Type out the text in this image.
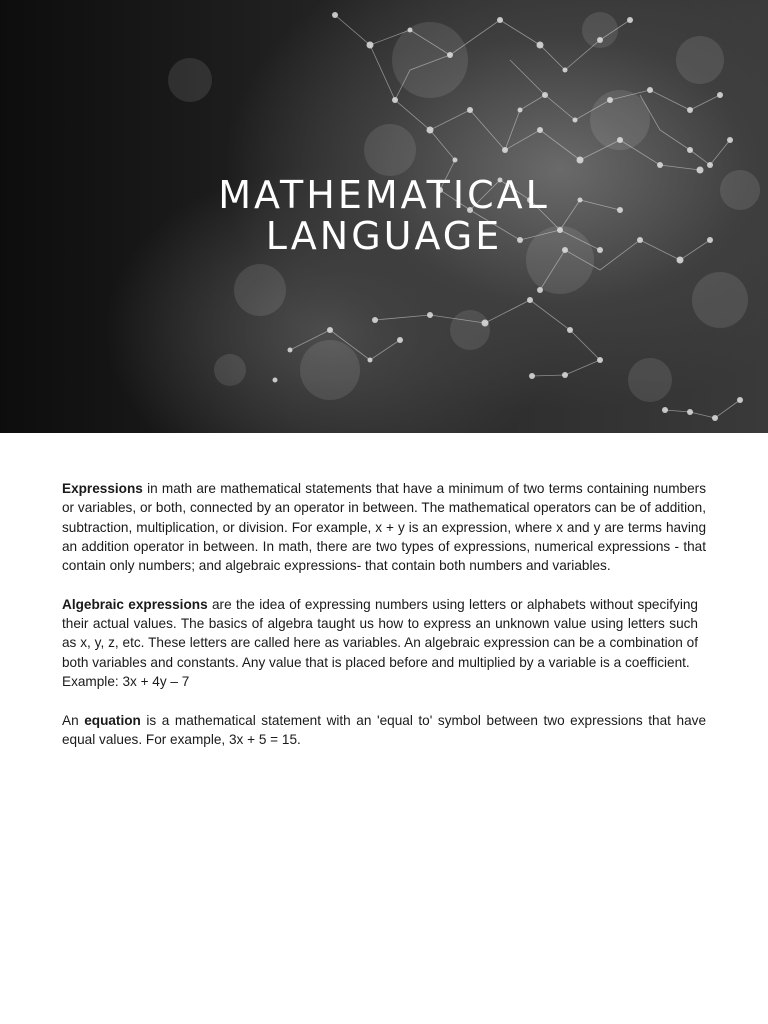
MATHEMATICAL
LANGUAGE

Expressions in math are mathematical statements that have a minimum of two terms containing numbers or variables, or both, connected by an operator in between. The mathematical operators can be of addition, subtraction, multiplication, or division. For example, x + y is an expression, where x and y are terms having an addition operator in between. In math, there are two types of expressions, numerical expressions - that contain only numbers; and algebraic expressions- that contain both numbers and variables.

Algebraic expressions are the idea of expressing numbers using letters or alphabets without specifying their actual values. The basics of algebra taught us how to express an unknown value using letters such as x, y, z, etc. These letters are called here as variables. An algebraic expression can be a combination of both variables and constants. Any value that is placed before and multiplied by a variable is a coefficient.

Example: 3x + 4y – 7

An equation is a mathematical statement with an 'equal to' symbol between two expressions that have equal values. For example, 3x + 5 = 15.
